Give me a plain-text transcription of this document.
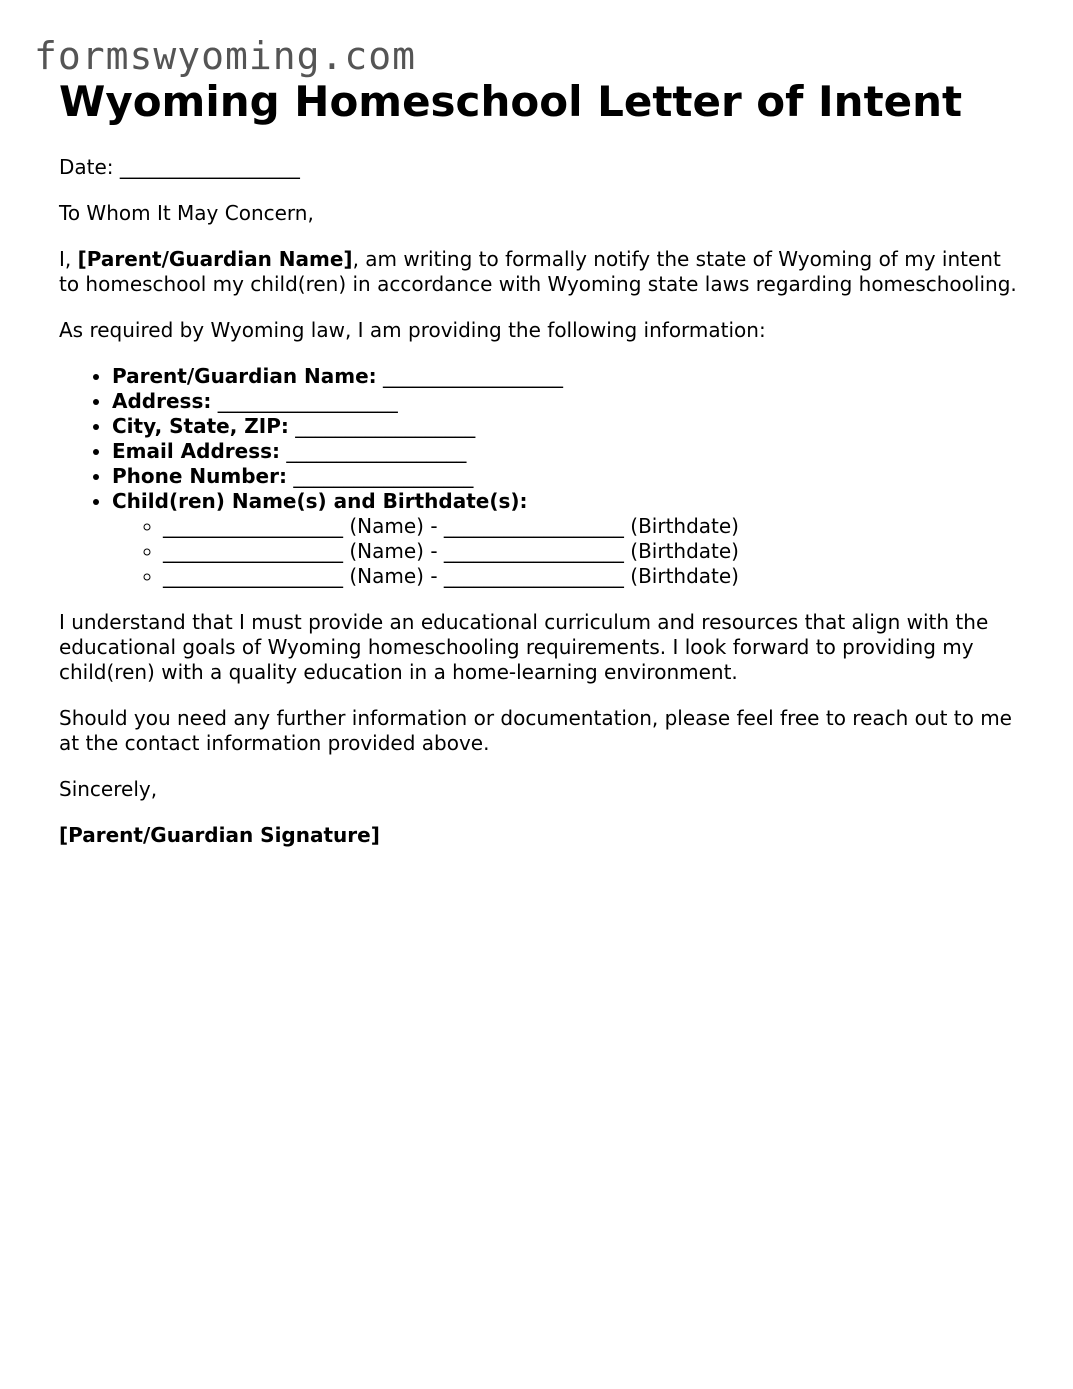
formswyoming.com
Wyoming Homeschool Letter of Intent

Date: __________________

To Whom It May Concern,

I, [Parent/Guardian Name], am writing to formally notify the state of Wyoming of my intent to homeschool my child(ren) in accordance with Wyoming state laws regarding homeschooling.

As required by Wyoming law, I am providing the following information:

• Parent/Guardian Name: __________________
• Address: __________________
• City, State, ZIP: __________________
• Email Address: __________________
• Phone Number: __________________
• Child(ren) Name(s) and Birthdate(s):
◦ __________________ (Name) - __________________ (Birthdate)
◦ __________________ (Name) - __________________ (Birthdate)
◦ __________________ (Name) - __________________ (Birthdate)

I understand that I must provide an educational curriculum and resources that align with the educational goals of Wyoming homeschooling requirements. I look forward to providing my child(ren) with a quality education in a home-learning environment.

Should you need any further information or documentation, please feel free to reach out to me at the contact information provided above.

Sincerely,

[Parent/Guardian Signature]
